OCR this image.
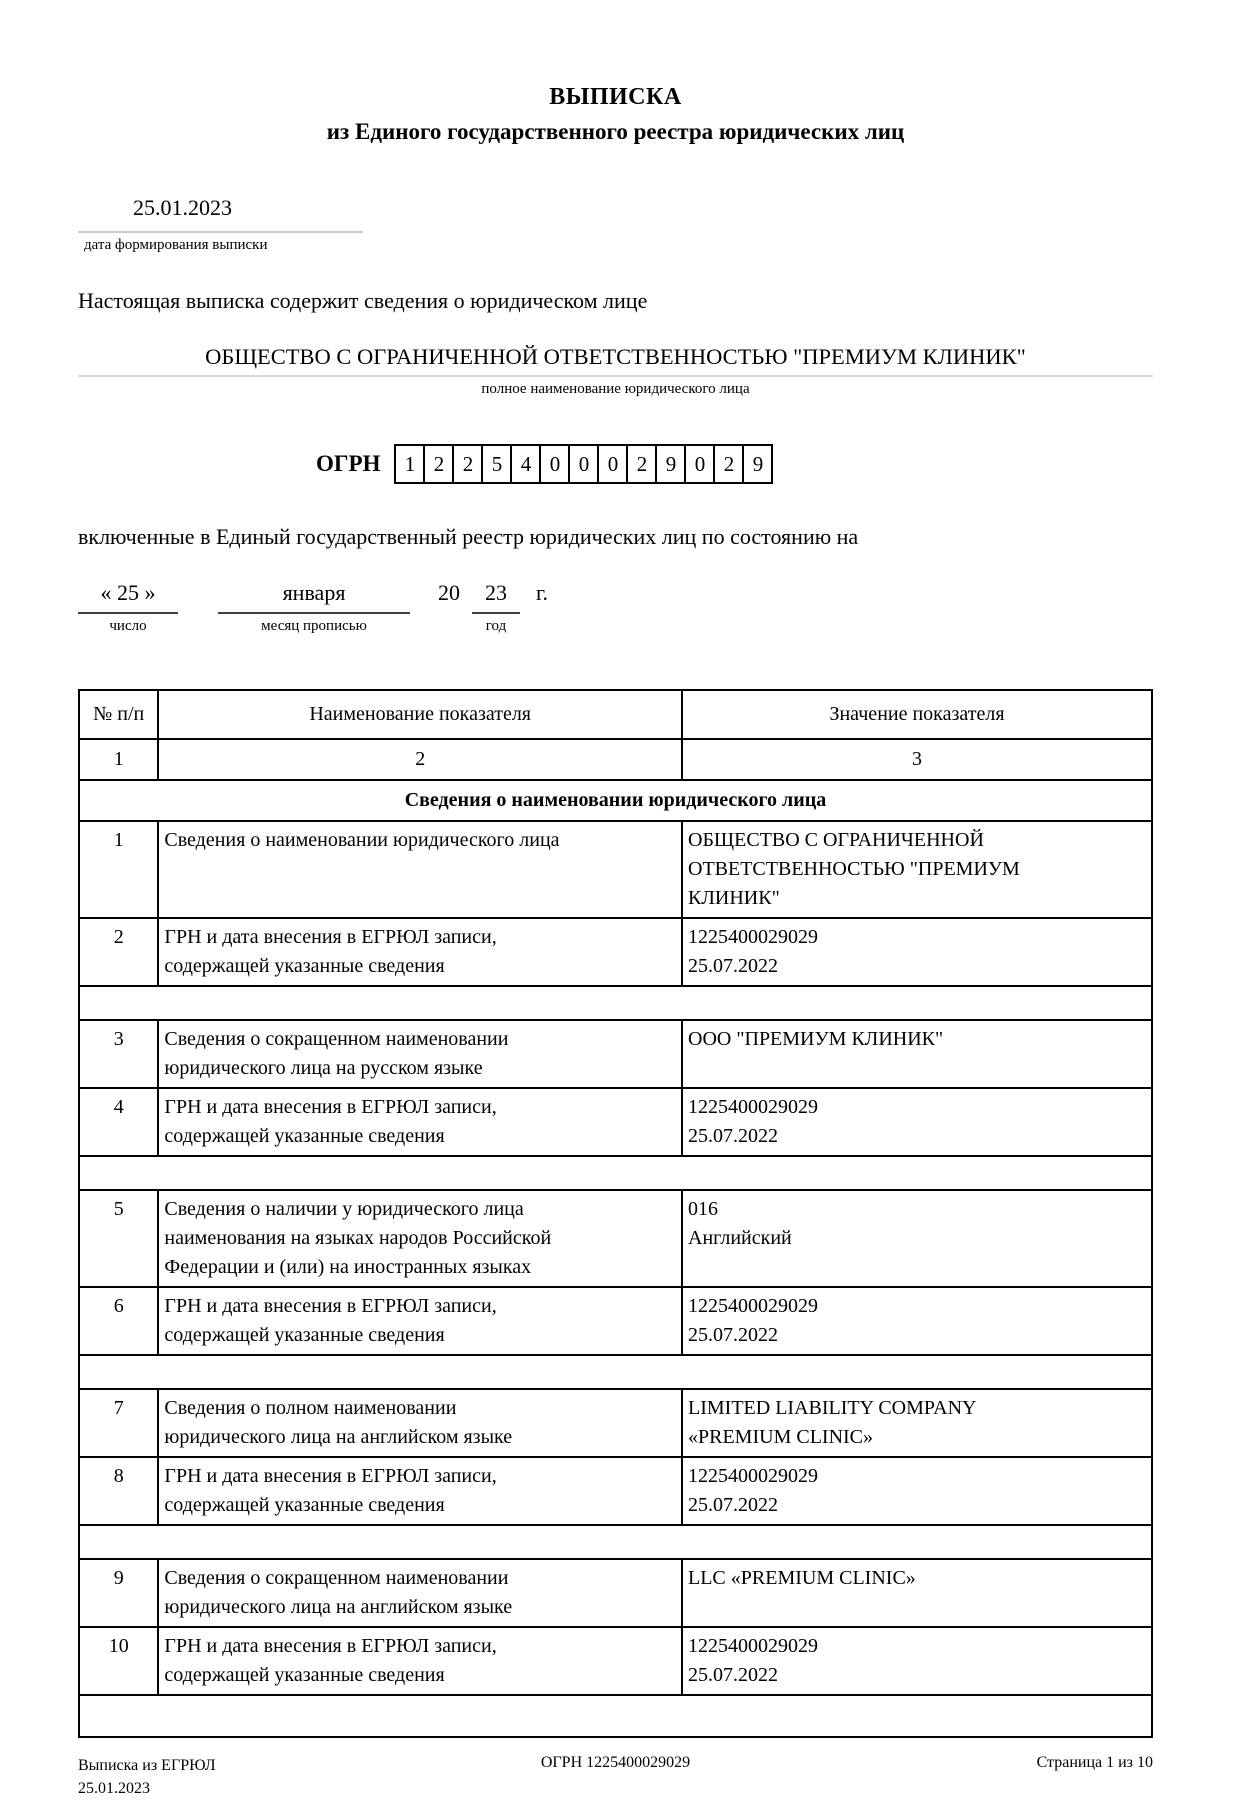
ВЫПИСКА
из Единого государственного реестра юридических лиц
25.01.2023
дата формирования выписки
Настоящая выписка содержит сведения о юридическом лице
ОБЩЕСТВО С ОГРАНИЧЕННОЙ ОТВЕТСТВЕННОСТЬЮ "ПРЕМИУМ КЛИНИК"
полное наименование юридического лица
ОГРН	1 2 2 5 4 0 0 0 2 9 0 2 9
включенные в Единый государственный реестр юридических лиц по состоянию на
« 25 »
число
января
месяц прописью
20	23
год
г.
№ п/п	Наименование показателя	Значение показателя
1	2	3
Сведения о наименовании юридического лица		
1	Сведения о наименовании юридического лица	ОБЩЕСТВО С ОГРАНИЧЕННОЙ
ОТВЕТСТВЕННОСТЬЮ "ПРЕМИУМ
КЛИНИК"
2	ГРН и дата внесения в ЕГРЮЛ записи,
содержащей указанные сведения	1225400029029
25.07.2022

3	Сведения о сокращенном наименовании
юридического лица на русском языке	ООО "ПРЕМИУМ КЛИНИК"
4	ГРН и дата внесения в ЕГРЮЛ записи,
содержащей указанные сведения	1225400029029
25.07.2022

5	Сведения о наличии у юридического лица
наименования на языках народов Российской
Федерации и (или) на иностранных языках	016
Английский
6	ГРН и дата внесения в ЕГРЮЛ записи,
содержащей указанные сведения	1225400029029
25.07.2022

7	Сведения о полном наименовании
юридического лица на английском языке	LIMITED LIABILITY COMPANY
«PREMIUM CLINIC»
8	ГРН и дата внесения в ЕГРЮЛ записи,
содержащей указанные сведения	1225400029029
25.07.2022

9	Сведения о сокращенном наименовании
юридического лица на английском языке	LLC «PREMIUM CLINIC»
10	ГРН и дата внесения в ЕГРЮЛ записи,
содержащей указанные сведения	1225400029029
25.07.2022

Выписка из ЕГРЮЛ
25.01.2023
ОГРН 1225400029029	Страница 1 из 10
